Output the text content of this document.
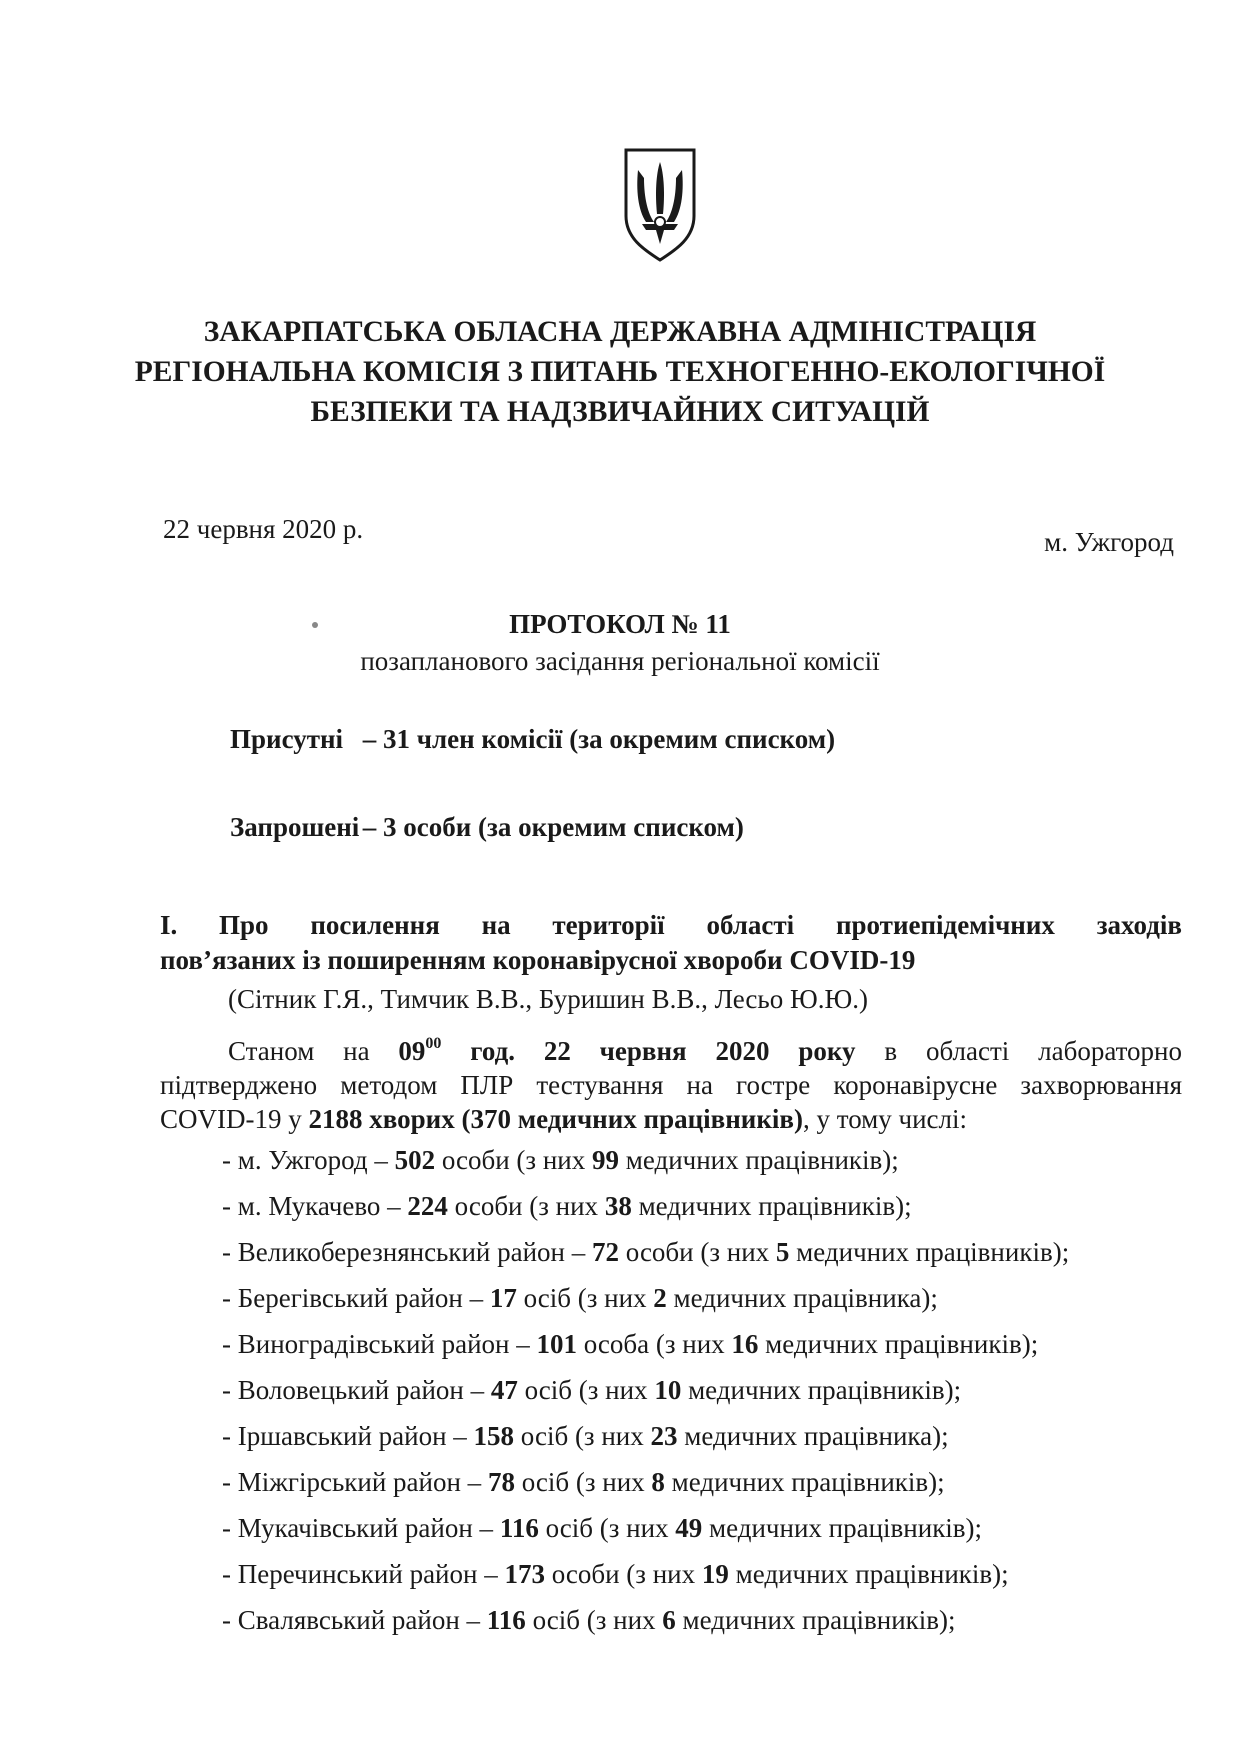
ЗАКАРПАТСЬКА ОБЛАСНА ДЕРЖАВНА АДМІНІСТРАЦІЯ
РЕГІОНАЛЬНА КОМІСІЯ З ПИТАНЬ ТЕХНОГЕННО-ЕКОЛОГІЧНОЇ
БЕЗПЕКИ ТА НАДЗВИЧАЙНИХ СИТУАЦІЙ
22 червня 2020 р.	м. Ужгород
ПРОТОКОЛ № 11
позапланового засідання регіональної комісії
Присутні – 31 член комісії (за окремим списком)
Запрошені – 3 особи (за окремим списком)
І. Про посилення на території області протиепідемічних заходів
пов’язаних із поширенням коронавірусної хвороби COVID-19
(Сітник Г.Я., Тимчик В.В., Буришин В.В., Лесьо Ю.Ю.)
Станом на $09^{00}$ год. 22 червня 2020 року в області лабораторно
підтверджено методом ПЛР тестування на гостре коронавірусне захворювання
COVID-19 у 2188 хворих (370 медичних працівників), у тому числі:
- м. Ужгород – 502 особи (з них 99 медичних працівників);
- м. Мукачево – 224 особи (з них 38 медичних працівників);
- Великоберезнянський район – 72 особи (з них 5 медичних працівників);
- Берегівський район – 17 осіб (з них 2 медичних працівника);
- Виноградівський район – 101 особа (з них 16 медичних працівників);
- Воловецький район – 47 осіб (з них 10 медичних працівників);
- Іршавський район – 158 осіб (з них 23 медичних працівника);
- Міжгірський район – 78 осіб (з них 8 медичних працівників);
- Мукачівський район – 116 осіб (з них 49 медичних працівників);
- Перечинський район – 173 особи (з них 19 медичних працівників);
- Свалявський район – 116 осіб (з них 6 медичних працівників);
